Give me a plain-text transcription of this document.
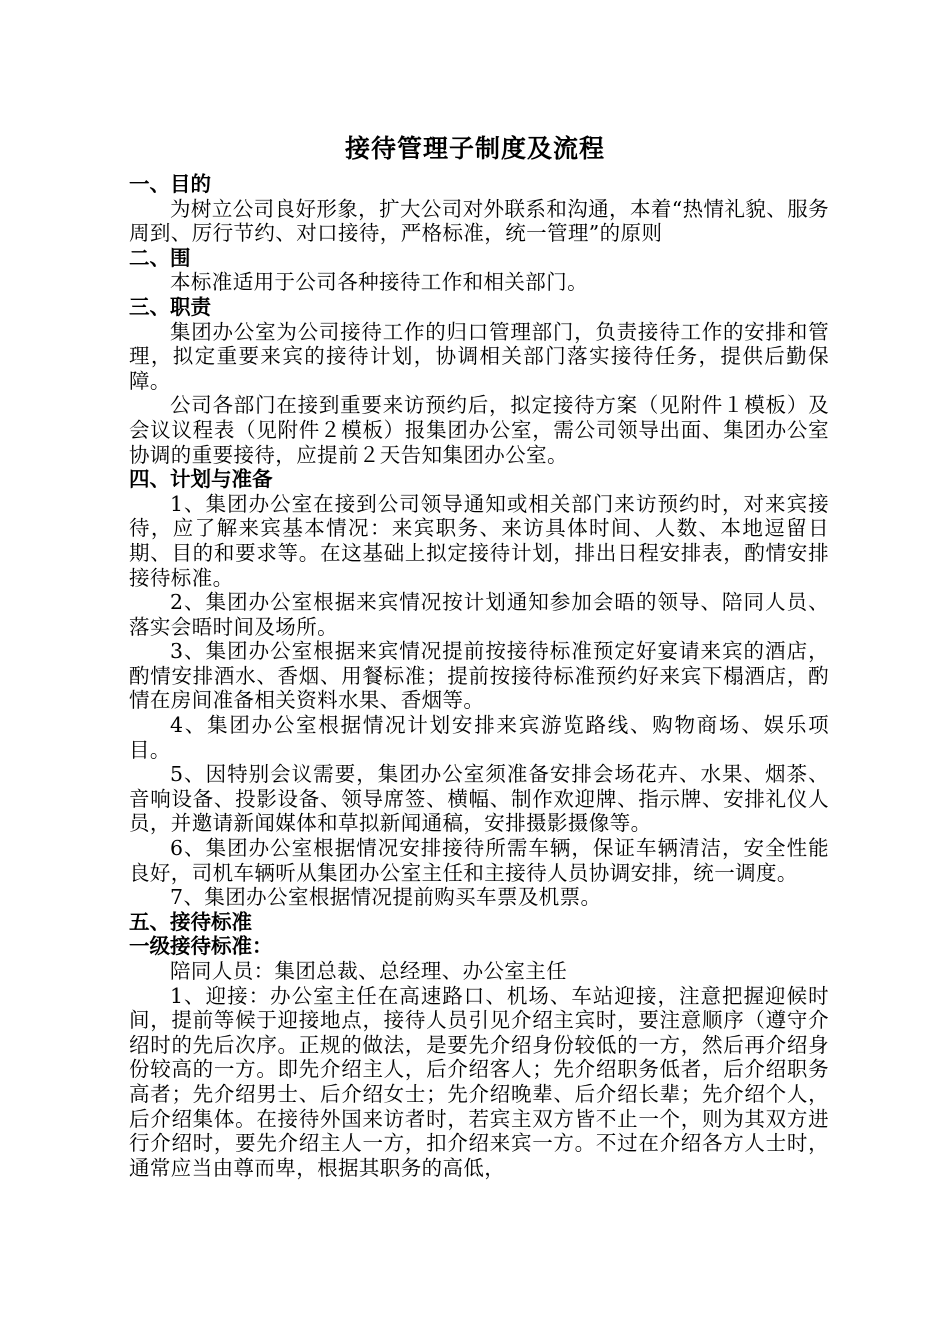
接待管理子制度及流程
一、目的
为树立公司良好形象，扩大公司对外联系和沟通，本着“热情礼貌、服务周到、厉行节约、对口接待，严格标准，统一管理”的原则
二、围
本标准适用于公司各种接待工作和相关部门。
三、职责
集团办公室为公司接待工作的归口管理部门，负责接待工作的安排和管理，拟定重要来宾的接待计划，协调相关部门落实接待任务，提供后勤保障。
公司各部门在接到重要来访预约后，拟定接待方案（见附件１模板）及会议议程表（见附件２模板）报集团办公室，需公司领导出面、集团办公室协调的重要接待，应提前２天告知集团办公室。
四、计划与准备
1、集团办公室在接到公司领导通知或相关部门来访预约时，对来宾接待，应了解来宾基本情况：来宾职务、来访具体时间、人数、本地逗留日期、目的和要求等。在这基础上拟定接待计划，排出日程安排表，酌情安排接待标准。
2、集团办公室根据来宾情况按计划通知参加会晤的领导、陪同人员、落实会晤时间及场所。
3、集团办公室根据来宾情况提前按接待标准预定好宴请来宾的酒店，酌情安排酒水、香烟、用餐标准；提前按接待标准预约好来宾下榻酒店，酌情在房间准备相关资料水果、香烟等。
4、集团办公室根据情况计划安排来宾游览路线、购物商场、娱乐项目。
5、因特别会议需要，集团办公室须准备安排会场花卉、水果、烟茶、音响设备、投影设备、领导席签、横幅、制作欢迎牌、指示牌、安排礼仪人员，并邀请新闻媒体和草拟新闻通稿，安排摄影摄像等。
6、集团办公室根据情况安排接待所需车辆，保证车辆清洁，安全性能良好，司机车辆听从集团办公室主任和主接待人员协调安排，统一调度。
7、集团办公室根据情况提前购买车票及机票。
五、接待标准
一级接待标准：
陪同人员：集团总裁、总经理、办公室主任
1、迎接：办公室主任在高速路口、机场、车站迎接，注意把握迎候时间，提前等候于迎接地点，接待人员引见介绍主宾时，要注意顺序（遵守介绍时的先后次序。正规的做法，是要先介绍身份较低的一方，然后再介绍身份较高的一方。即先介绍主人，后介绍客人；先介绍职务低者，后介绍职务高者；先介绍男士、后介绍女士；先介绍晚辈、后介绍长辈；先介绍个人，后介绍集体。在接待外国来访者时，若宾主双方皆不止一个，则为其双方进行介绍时，要先介绍主人一方，扣介绍来宾一方。不过在介绍各方人士时，通常应当由尊而卑，根据其职务的高低，
